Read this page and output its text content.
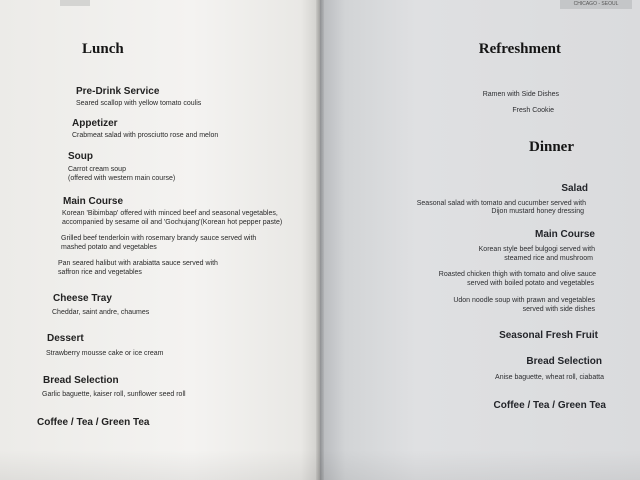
Lunch
Pre-Drink Service
Seared scallop with yellow tomato coulis
Appetizer
Crabmeat salad with prosciutto rose and melon
Soup
Carrot cream soup
(offered with western main course)
Main Course
Korean 'Bibimbap' offered with minced beef and seasonal vegetables,
accompanied by sesame oil and 'Gochujang'(Korean hot pepper paste)
Grilled beef tenderloin with rosemary brandy sauce served with
mashed potato and vegetables
Pan seared halibut with arabiatta sauce served with
saffron rice and vegetables
Cheese Tray
Cheddar, saint andre, chaumes
Dessert
Strawberry mousse cake or ice cream
Bread Selection
Garlic baguette, kaiser roll, sunflower seed roll
Coffee / Tea / Green Tea
CHICAGO - SEOUL
Refreshment
Ramen with Side Dishes
Fresh Cookie
Dinner
Salad
Seasonal salad with tomato and cucumber served with
Dijon mustard honey dressing
Main Course
Korean style beef bulgogi served with
steamed rice and mushroom
Roasted chicken thigh with tomato and olive sauce
served with boiled potato and vegetables
Udon noodle soup with prawn and vegetables
served with side dishes
Seasonal Fresh Fruit
Bread Selection
Anise baguette, wheat roll, ciabatta
Coffee / Tea / Green Tea
